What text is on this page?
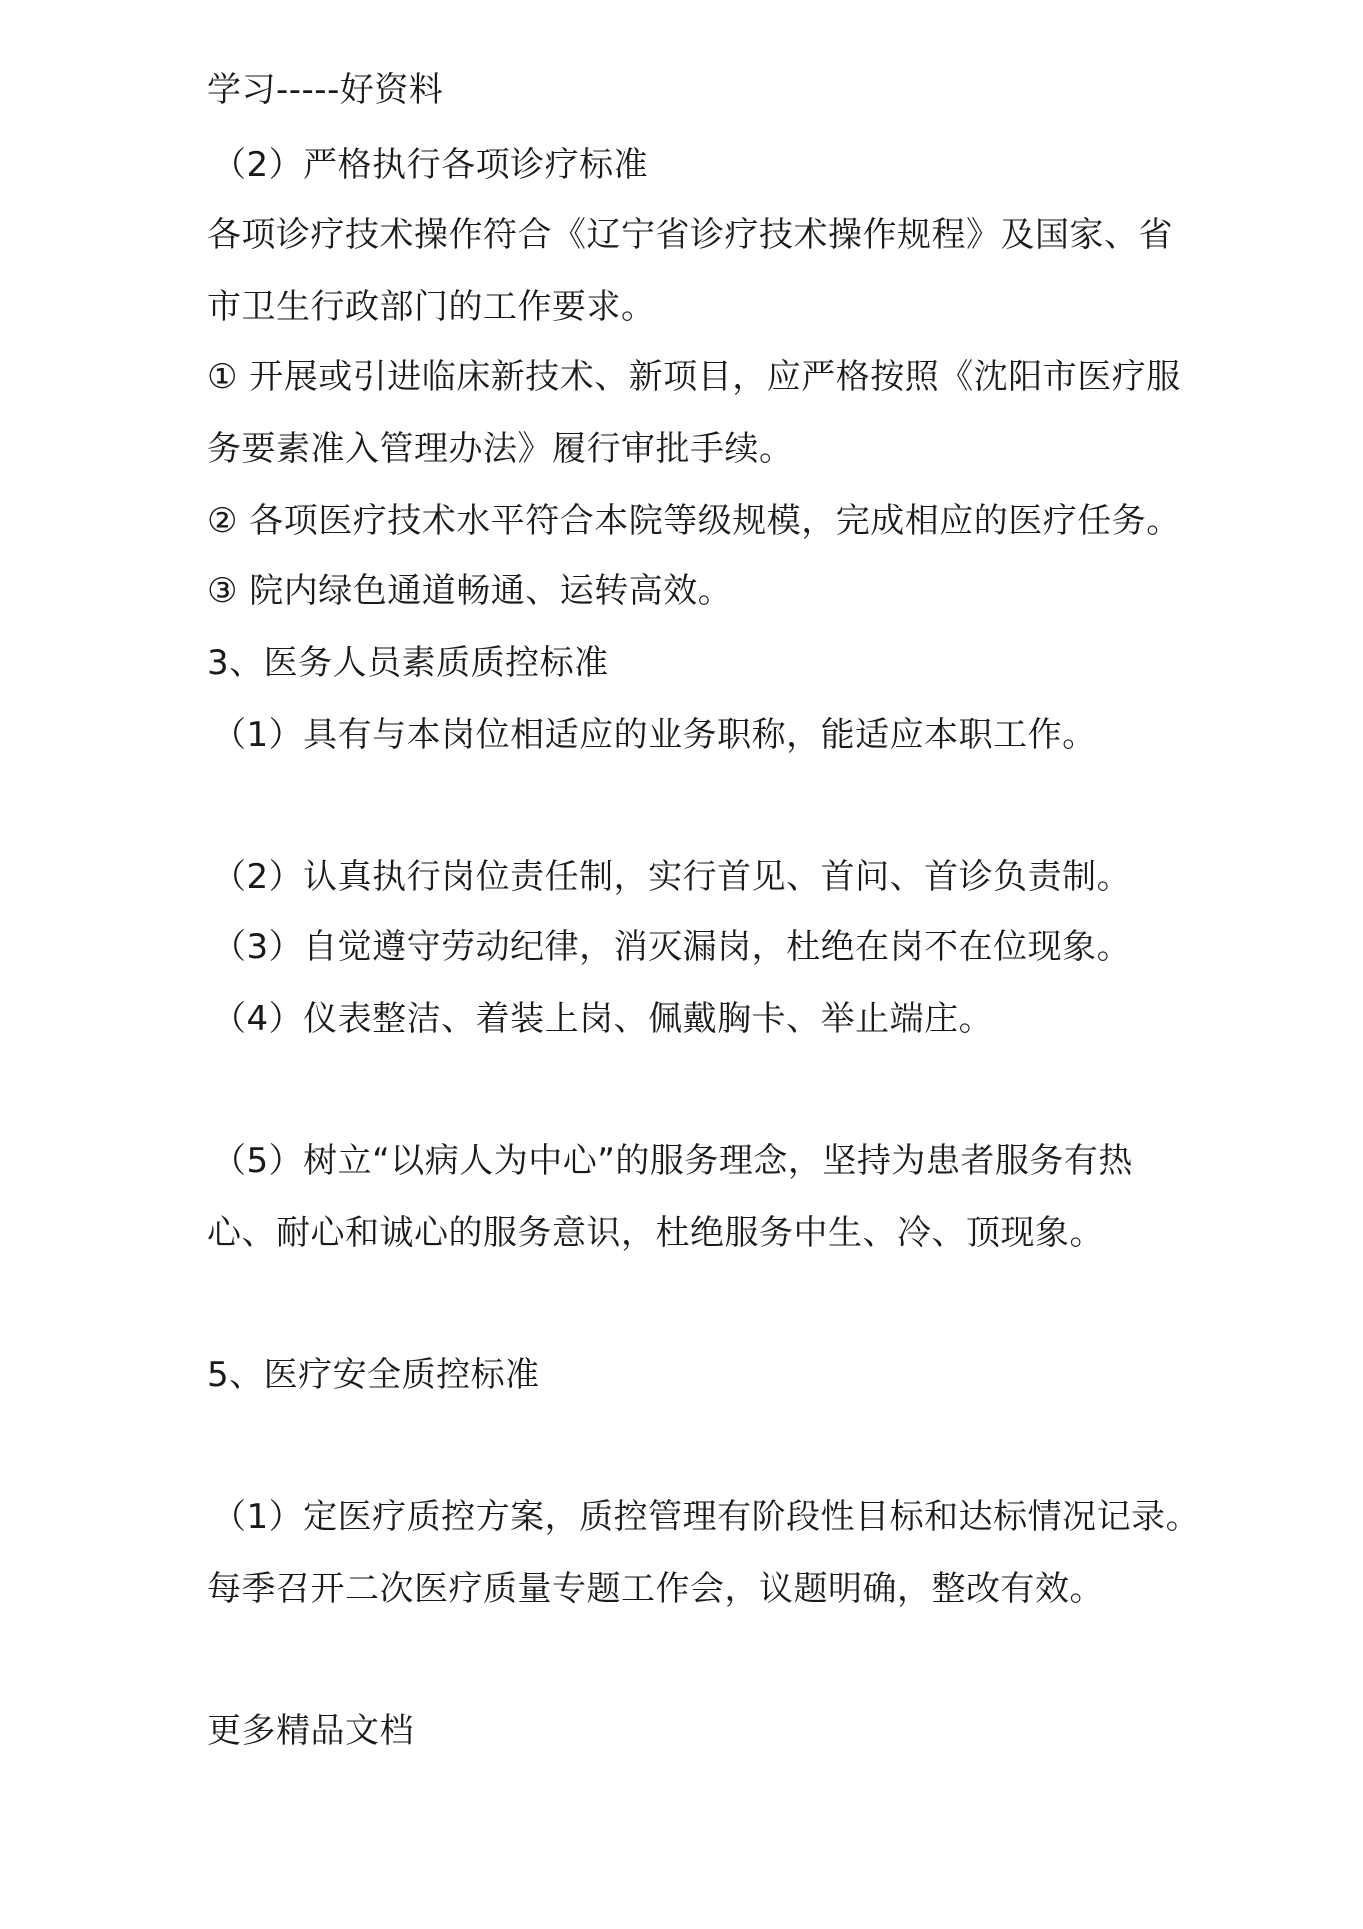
学习-----好资料
（2）严格执行各项诊疗标准
各项诊疗技术操作符合《辽宁省诊疗技术操作规程》及国家、省
市卫生行政部门的工作要求。
① 开展或引进临床新技术、新项目，应严格按照《沈阳市医疗服
务要素准入管理办法》履行审批手续。
② 各项医疗技术水平符合本院等级规模，完成相应的医疗任务。
③ 院内绿色通道畅通、运转高效。
3、医务人员素质质控标准
（1）具有与本岗位相适应的业务职称，能适应本职工作。
（2）认真执行岗位责任制，实行首见、首问、首诊负责制。
（3）自觉遵守劳动纪律，消灭漏岗，杜绝在岗不在位现象。
（4）仪表整洁、着装上岗、佩戴胸卡、举止端庄。
（5）树立“以病人为中心”的服务理念，坚持为患者服务有热
心、耐心和诚心的服务意识，杜绝服务中生、冷、顶现象。
5、医疗安全质控标准
（1）定医疗质控方案，质控管理有阶段性目标和达标情况记录。
每季召开二次医疗质量专题工作会，议题明确，整改有效。
更多精品文档
